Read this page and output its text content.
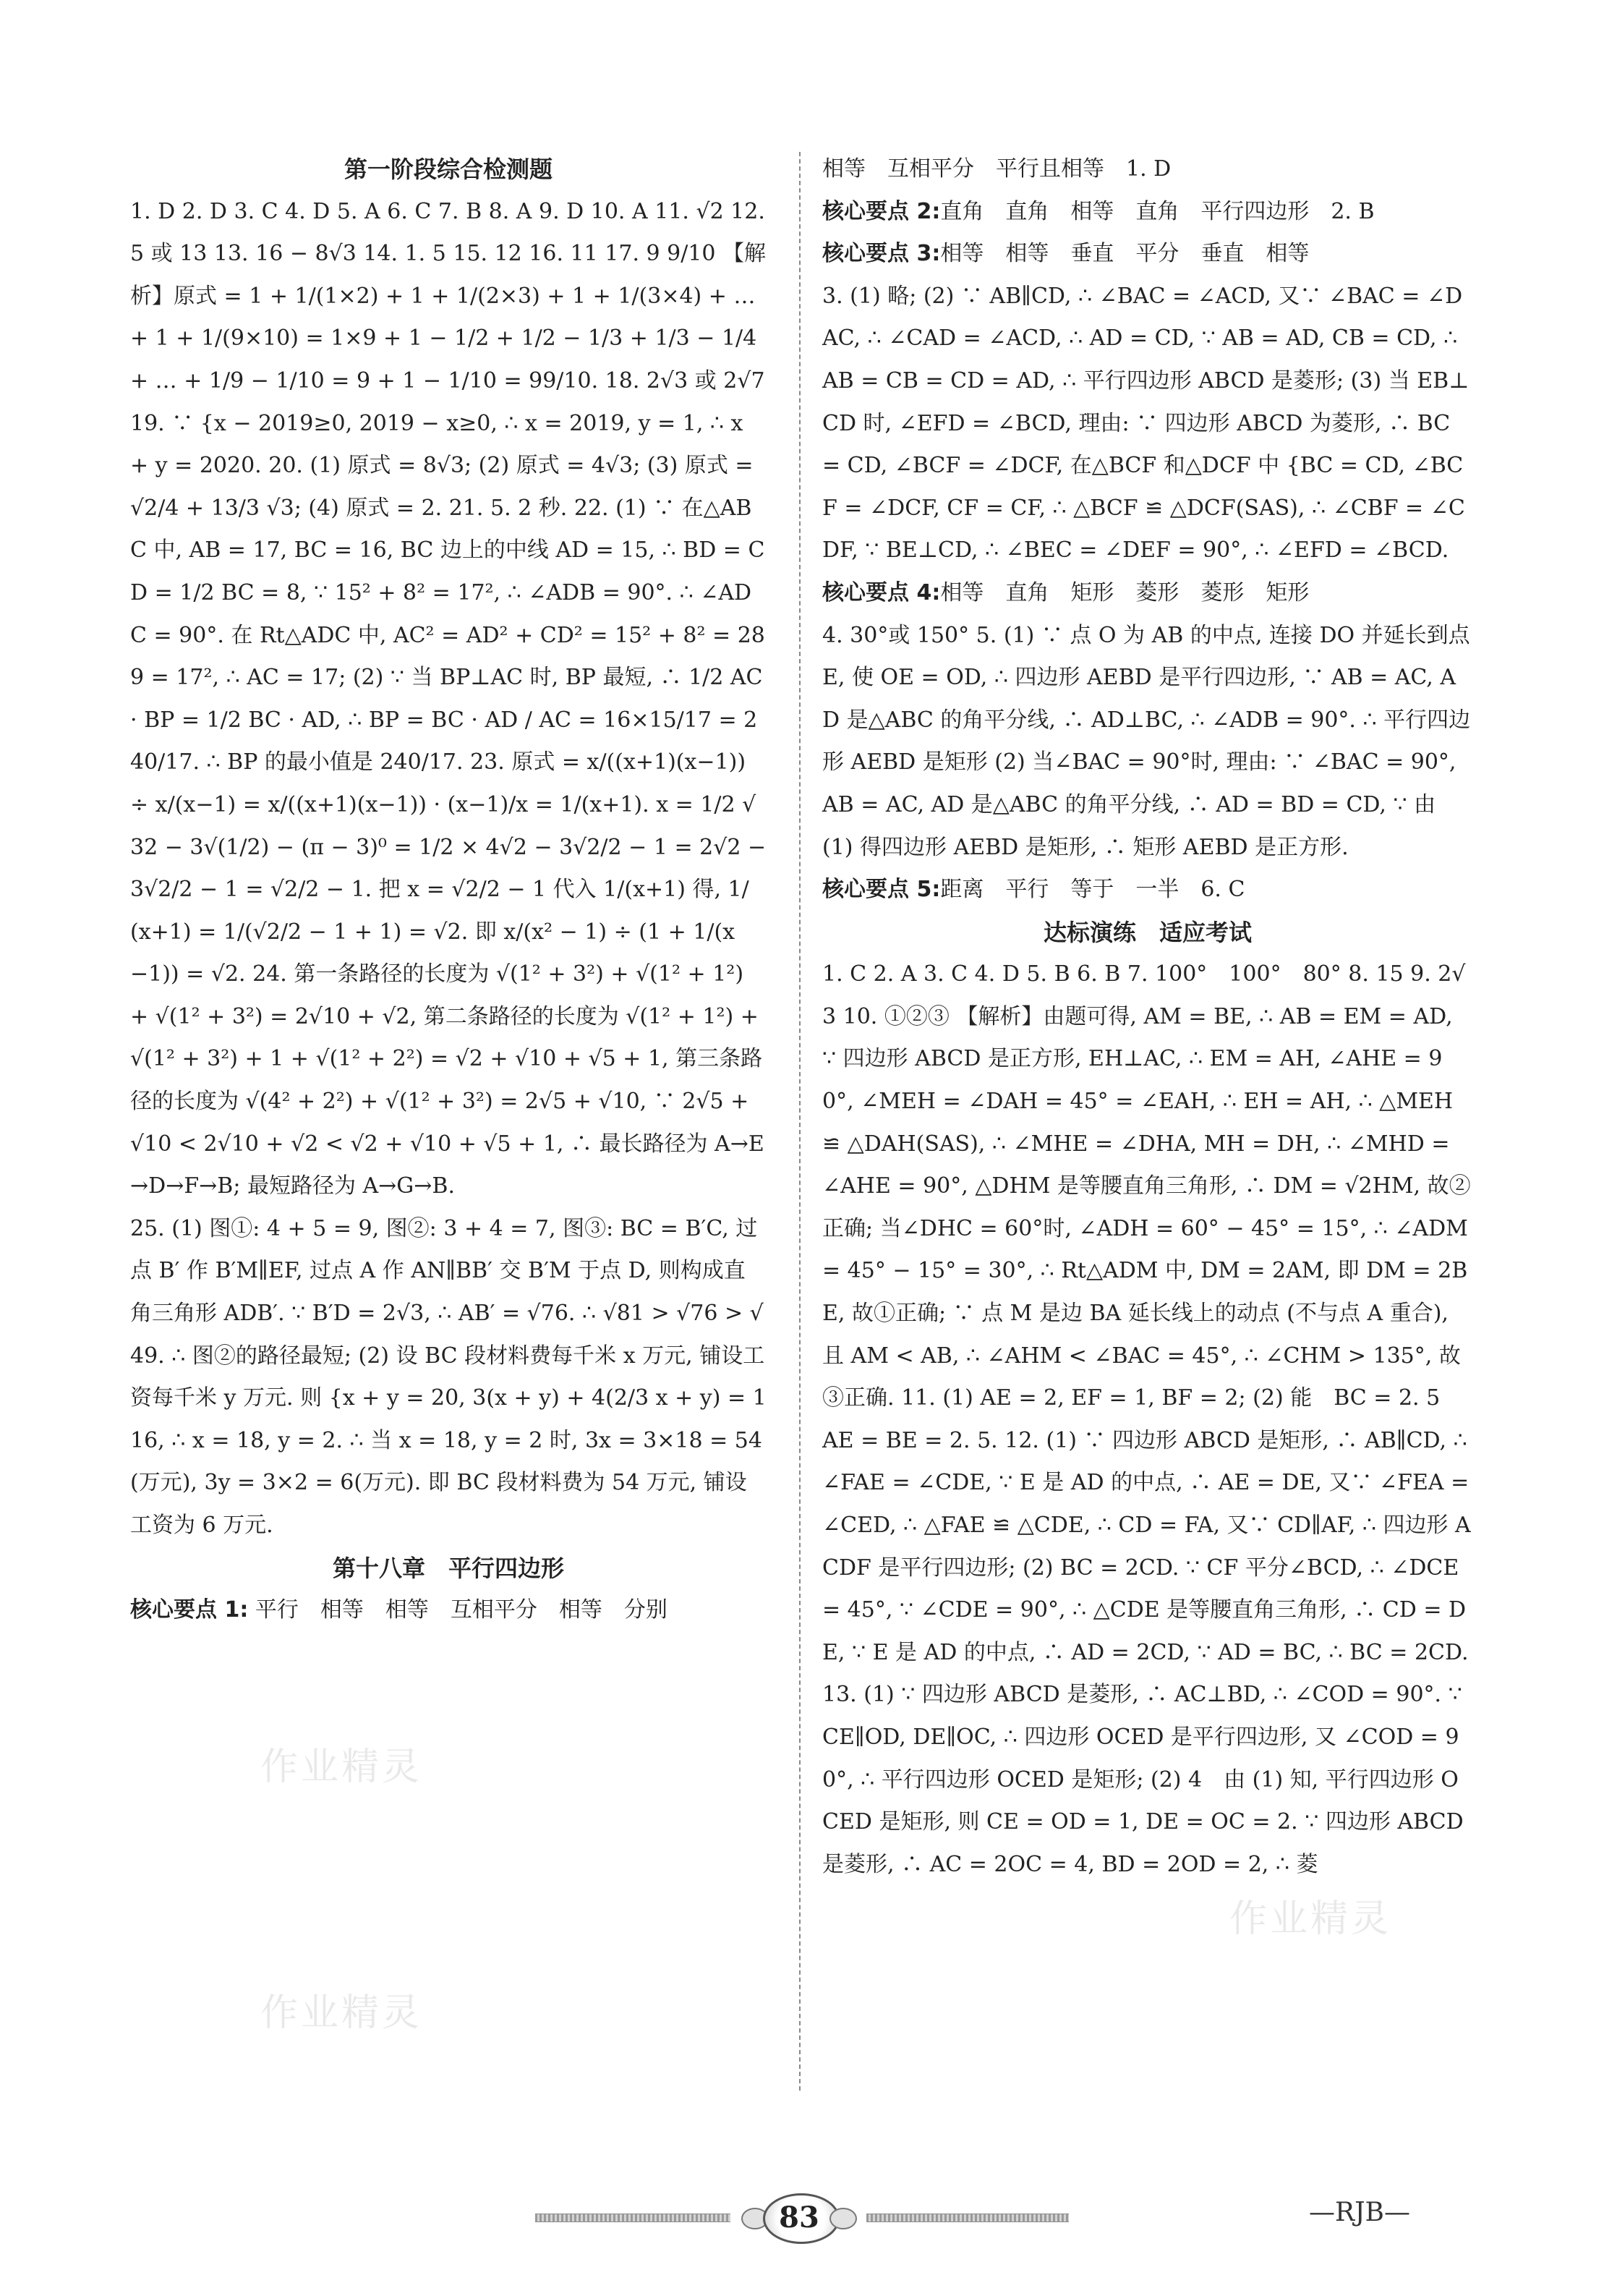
作业精灵
作业精灵
作业精灵
第一阶段综合检测题

1. D 2. D 3. C 4. D 5. A 6. C 7. B 8. A 9. D 10. A 11. √2 12. 5 或 13 13. 16 − 8√3 14. 1. 5 15. 12 16. 11 17. 9 9/10 【解析】原式 = 1 + 1/(1×2) + 1 + 1/(2×3) + 1 + 1/(3×4) + … + 1 + 1/(9×10) = 1×9 + 1 − 1/2 + 1/2 − 1/3 + 1/3 − 1/4 + … + 1/9 − 1/10 = 9 + 1 − 1/10 = 99/10. 18. 2√3 或 2√7 19. ∵ {x − 2019≥0, 2019 − x≥0, ∴ x = 2019, y = 1, ∴ x + y = 2020. 20. (1) 原式 = 8√3; (2) 原式 = 4√3; (3) 原式 = √2/4 + 13/3 √3; (4) 原式 = 2. 21. 5. 2 秒. 22. (1) ∵ 在△ABC 中, AB = 17, BC = 16, BC 边上的中线 AD = 15, ∴ BD = CD = 1/2 BC = 8, ∵ 15² + 8² = 17², ∴ ∠ADB = 90°. ∴ ∠ADC = 90°. 在 Rt△ADC 中, AC² = AD² + CD² = 15² + 8² = 289 = 17², ∴ AC = 17; (2) ∵ 当 BP⊥AC 时, BP 最短, ∴ 1/2 AC · BP = 1/2 BC · AD, ∴ BP = BC · AD / AC = 16×15/17 = 240/17. ∴ BP 的最小值是 240/17. 23. 原式 = x/((x+1)(x−1)) ÷ x/(x−1) = x/((x+1)(x−1)) · (x−1)/x = 1/(x+1). x = 1/2 √32 − 3√(1/2) − (π − 3)⁰ = 1/2 × 4√2 − 3√2/2 − 1 = 2√2 − 3√2/2 − 1 = √2/2 − 1. 把 x = √2/2 − 1 代入 1/(x+1) 得, 1/(x+1) = 1/(√2/2 − 1 + 1) = √2. 即 x/(x² − 1) ÷ (1 + 1/(x−1)) = √2. 24. 第一条路径的长度为 √(1² + 3²) + √(1² + 1²) + √(1² + 3²) = 2√10 + √2, 第二条路径的长度为 √(1² + 1²) + √(1² + 3²) + 1 + √(1² + 2²) = √2 + √10 + √5 + 1, 第三条路径的长度为 √(4² + 2²) + √(1² + 3²) = 2√5 + √10, ∵ 2√5 + √10 < 2√10 + √2 < √2 + √10 + √5 + 1, ∴ 最长路径为 A→E→D→F→B; 最短路径为 A→G→B.

25. (1) 图①: 4 + 5 = 9, 图②: 3 + 4 = 7, 图③: BC = B′C, 过点 B′ 作 B′M∥EF, 过点 A 作 AN∥BB′ 交 B′M 于点 D, 则构成直角三角形 ADB′. ∵ B′D = 2√3, ∴ AB′ = √76. ∴ √81 > √76 > √49. ∴ 图②的路径最短; (2) 设 BC 段材料费每千米 x 万元, 铺设工资每千米 y 万元. 则 {x + y = 20, 3(x + y) + 4(2/3 x + y) = 116, ∴ x = 18, y = 2. ∴ 当 x = 18, y = 2 时, 3x = 3×18 = 54(万元), 3y = 3×2 = 6(万元). 即 BC 段材料费为 54 万元, 铺设工资为 6 万元.

第十八章　平行四边形

核心要点 1: 平行　相等　相等　互相平分　相等　分别

相等　互相平分　平行且相等　1. D

核心要点 2:直角　直角　相等　直角　平行四边形　2. B

核心要点 3:相等　相等　垂直　平分　垂直　相等

3. (1) 略; (2) ∵ AB∥CD, ∴ ∠BAC = ∠ACD, 又∵ ∠BAC = ∠DAC, ∴ ∠CAD = ∠ACD, ∴ AD = CD, ∵ AB = AD, CB = CD, ∴ AB = CB = CD = AD, ∴ 平行四边形 ABCD 是菱形; (3) 当 EB⊥CD 时, ∠EFD = ∠BCD, 理由: ∵ 四边形 ABCD 为菱形, ∴ BC = CD, ∠BCF = ∠DCF, 在△BCF 和△DCF 中 {BC = CD, ∠BCF = ∠DCF, CF = CF, ∴ △BCF ≌ △DCF(SAS), ∴ ∠CBF = ∠CDF, ∵ BE⊥CD, ∴ ∠BEC = ∠DEF = 90°, ∴ ∠EFD = ∠BCD.

核心要点 4:相等　直角　矩形　菱形　菱形　矩形

4. 30°或 150° 5. (1) ∵ 点 O 为 AB 的中点, 连接 DO 并延长到点 E, 使 OE = OD, ∴ 四边形 AEBD 是平行四边形, ∵ AB = AC, AD 是△ABC 的角平分线, ∴ AD⊥BC, ∴ ∠ADB = 90°. ∴ 平行四边形 AEBD 是矩形 (2) 当∠BAC = 90°时, 理由: ∵ ∠BAC = 90°, AB = AC, AD 是△ABC 的角平分线, ∴ AD = BD = CD, ∵ 由 (1) 得四边形 AEBD 是矩形, ∴ 矩形 AEBD 是正方形.

核心要点 5:距离　平行　等于　一半　6. C

达标演练　适应考试

1. C 2. A 3. C 4. D 5. B 6. B 7. 100°　100°　80° 8. 15 9. 2√3 10. ①②③ 【解析】由题可得, AM = BE, ∴ AB = EM = AD, ∵ 四边形 ABCD 是正方形, EH⊥AC, ∴ EM = AH, ∠AHE = 90°, ∠MEH = ∠DAH = 45° = ∠EAH, ∴ EH = AH, ∴ △MEH ≌ △DAH(SAS), ∴ ∠MHE = ∠DHA, MH = DH, ∴ ∠MHD = ∠AHE = 90°, △DHM 是等腰直角三角形, ∴ DM = √2HM, 故②正确; 当∠DHC = 60°时, ∠ADH = 60° − 45° = 15°, ∴ ∠ADM = 45° − 15° = 30°, ∴ Rt△ADM 中, DM = 2AM, 即 DM = 2BE, 故①正确; ∵ 点 M 是边 BA 延长线上的动点 (不与点 A 重合), 且 AM < AB, ∴ ∠AHM < ∠BAC = 45°, ∴ ∠CHM > 135°, 故③正确. 11. (1) AE = 2, EF = 1, BF = 2; (2) 能　BC = 2. 5　AE = BE = 2. 5. 12. (1) ∵ 四边形 ABCD 是矩形, ∴ AB∥CD, ∴ ∠FAE = ∠CDE, ∵ E 是 AD 的中点, ∴ AE = DE, 又∵ ∠FEA = ∠CED, ∴ △FAE ≌ △CDE, ∴ CD = FA, 又∵ CD∥AF, ∴ 四边形 ACDF 是平行四边形; (2) BC = 2CD. ∵ CF 平分∠BCD, ∴ ∠DCE = 45°, ∵ ∠CDE = 90°, ∴ △CDE 是等腰直角三角形, ∴ CD = DE, ∵ E 是 AD 的中点, ∴ AD = 2CD, ∵ AD = BC, ∴ BC = 2CD. 13. (1) ∵ 四边形 ABCD 是菱形, ∴ AC⊥BD, ∴ ∠COD = 90°. ∵ CE∥OD, DE∥OC, ∴ 四边形 OCED 是平行四边形, 又 ∠COD = 90°, ∴ 平行四边形 OCED 是矩形; (2) 4　由 (1) 知, 平行四边形 OCED 是矩形, 则 CE = OD = 1, DE = OC = 2. ∵ 四边形 ABCD 是菱形, ∴ AC = 2OC = 4, BD = 2OD = 2, ∴ 菱

83	—RJB—
